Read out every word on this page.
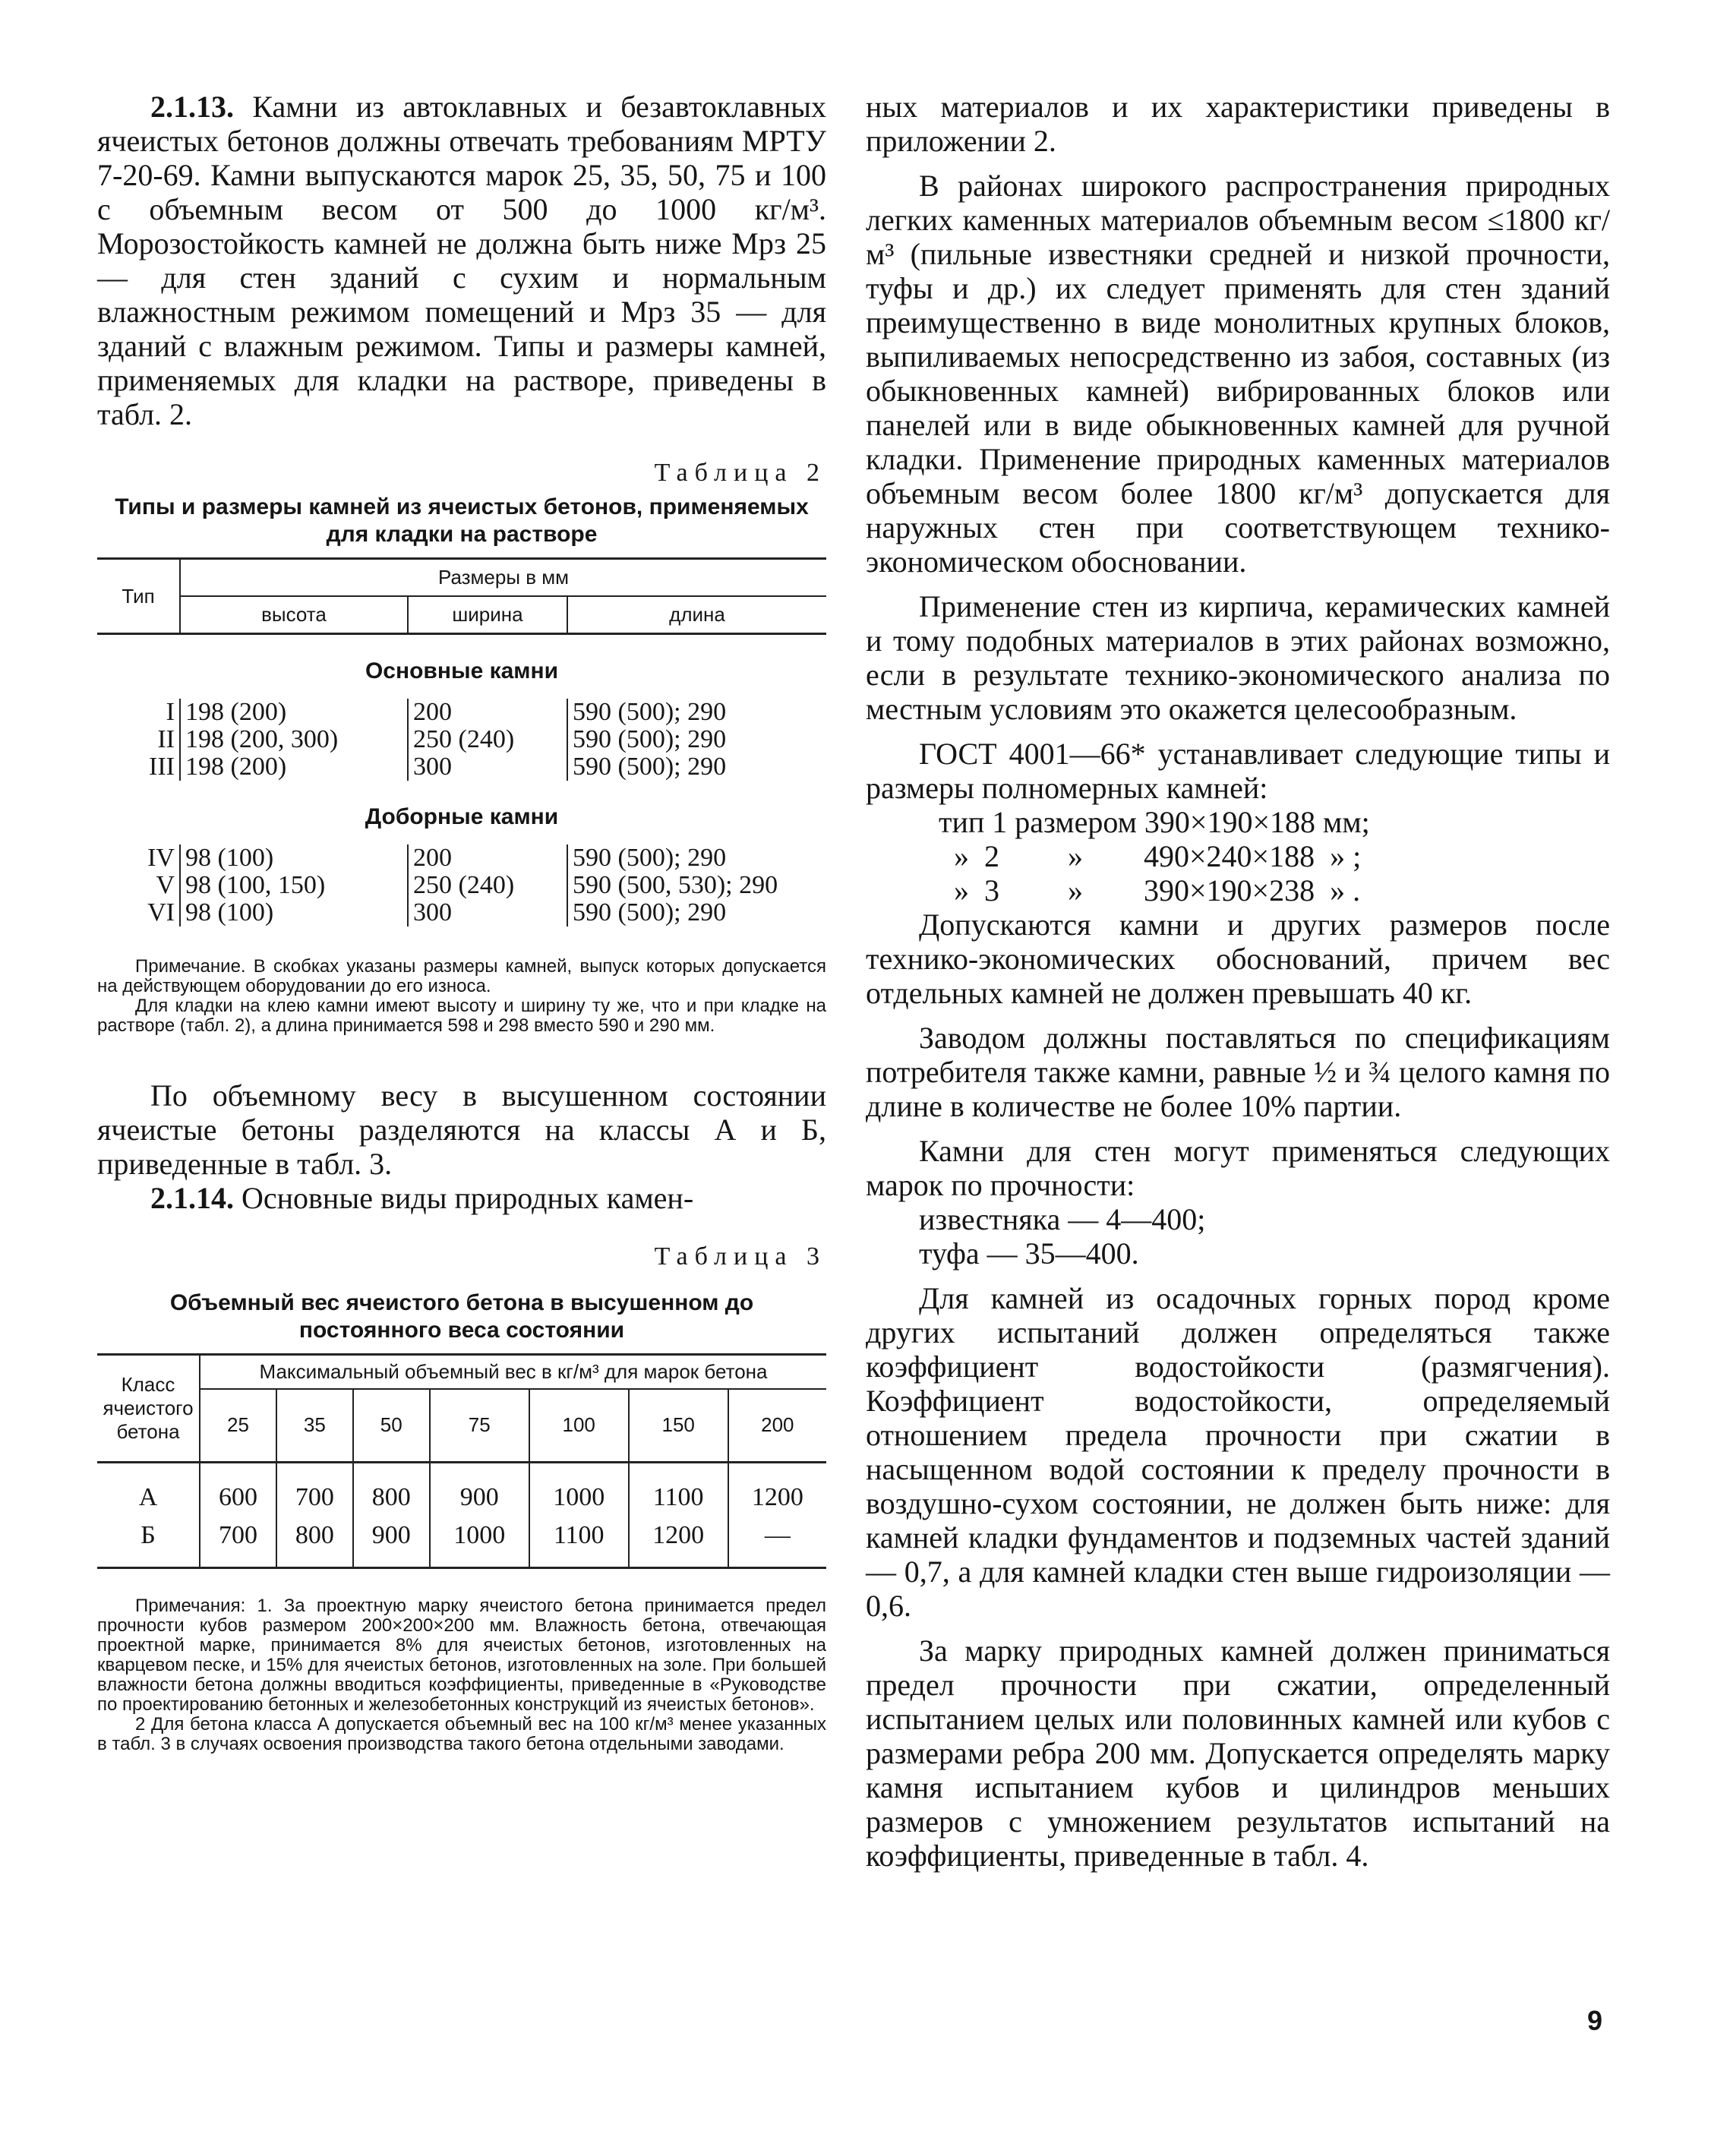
2.1.13. Камни из автоклавных и безавтоклавных ячеистых бетонов должны отвечать требованиям МРТУ 7-20-69. Камни выпускаются марок 25, 35, 50, 75 и 100 с объемным весом от 500 до 1000 кг/м³. Морозостойкость камней не должна быть ниже Мрз 25 — для стен зданий с сухим и нормальным влажностным режимом помещений и Мрз 35 — для зданий с влажным режимом. Типы и размеры камней, применяемых для кладки на растворе, приведены в табл. 2.

Таблица 2
Типы и размеры камней из ячеистых бетонов, применяемых для кладки на растворе
Тип	Размеры в мм		
	высота	ширина	длина
Основные камни			
I	198 (200)	200	590 (500); 290
II	198 (200, 300)	250 (240)	590 (500); 290
III	198 (200)	300	590 (500); 290
Доборные камни			
IV	98 (100)	200	590 (500); 290
V	98 (100, 150)	250 (240)	590 (500, 530); 290
VI	98 (100)	300	590 (500); 290

Примечание. В скобках указаны размеры камней, выпуск которых допускается на действующем оборудовании до его износа.

Для кладки на клею камни имеют высоту и ширину ту же, что и при кладке на растворе (табл. 2), а длина принимается 598 и 298 вместо 590 и 290 мм.

По объемному весу в высушенном состоянии ячеистые бетоны разделяются на классы А и Б, приведенные в табл. 3.

2.1.14. Основные виды природных камен-

Таблица 3
Объемный вес ячеистого бетона в высушенном до постоянного веса состоянии
Класс ячеистого бетона	Максимальный объемный вес в кг/м³ для марок бетона						
	25	35	50	75	100	150	200
А	600	700	800	900	1000	1100	1200
Б	700	800	900	1000	1100	1200	—

Примечания: 1. За проектную марку ячеистого бетона принимается предел прочности кубов размером 200×200×200 мм. Влажность бетона, отвечающая проектной марке, принимается 8% для ячеистых бетонов, изготовленных на кварцевом песке, и 15% для ячеистых бетонов, изготовленных на золе. При большей влажности бетона должны вводиться коэффициенты, приведенные в «Руководстве по проектированию бетонных и железобетонных конструкций из ячеистых бетонов».

2 Для бетона класса А допускается объемный вес на 100 кг/м³ менее указанных в табл. 3 в случаях освоения производства такого бетона отдельными заводами.

ных материалов и их характеристики приведены в приложении 2.

В районах широкого распространения природных легких каменных материалов объемным весом ≤1800 кг/м³ (пильные известняки средней и низкой прочности, туфы и др.) их следует применять для стен зданий преимущественно в виде монолитных крупных блоков, выпиливаемых непосредственно из забоя, составных (из обыкновенных камней) вибрированных блоков или панелей или в виде обыкновенных камней для ручной кладки. Применение природных каменных материалов объемным весом более 1800 кг/м³ допускается для наружных стен при соответствующем технико-экономическом обосновании.

Применение стен из кирпича, керамических камней и тому подобных материалов в этих районах возможно, если в результате технико-экономического анализа по местным условиям это окажется целесообразным.

ГОСТ 4001—66* устанавливает следующие типы и размеры полномерных камней:

тип 1 размером 390×190×188 мм;

»  2         »        490×240×188  » ;

»  3         »        390×190×238  » .

Допускаются камни и других размеров после технико-экономических обоснований, причем вес отдельных камней не должен превышать 40 кг.

Заводом должны поставляться по спецификациям потребителя также камни, равные ½ и ¾ целого камня по длине в количестве не более 10% партии.

Камни для стен могут применяться следующих марок по прочности:

известняка — 4—400;

туфа — 35—400.

Для камней из осадочных горных пород кроме других испытаний должен определяться также коэффициент водостойкости (размягчения). Коэффициент водостойкости, определяемый отношением предела прочности при сжатии в насыщенном водой состоянии к пределу прочности в воздушно-сухом состоянии, не должен быть ниже: для камней кладки фундаментов и подземных частей зданий — 0,7, а для камней кладки стен выше гидроизоляции — 0,6.

За марку природных камней должен приниматься предел прочности при сжатии, определенный испытанием целых или половинных камней или кубов с размерами ребра 200 мм. Допускается определять марку камня испытанием кубов и цилиндров меньших размеров с умножением результатов испытаний на коэффициенты, приведенные в табл. 4.

9
